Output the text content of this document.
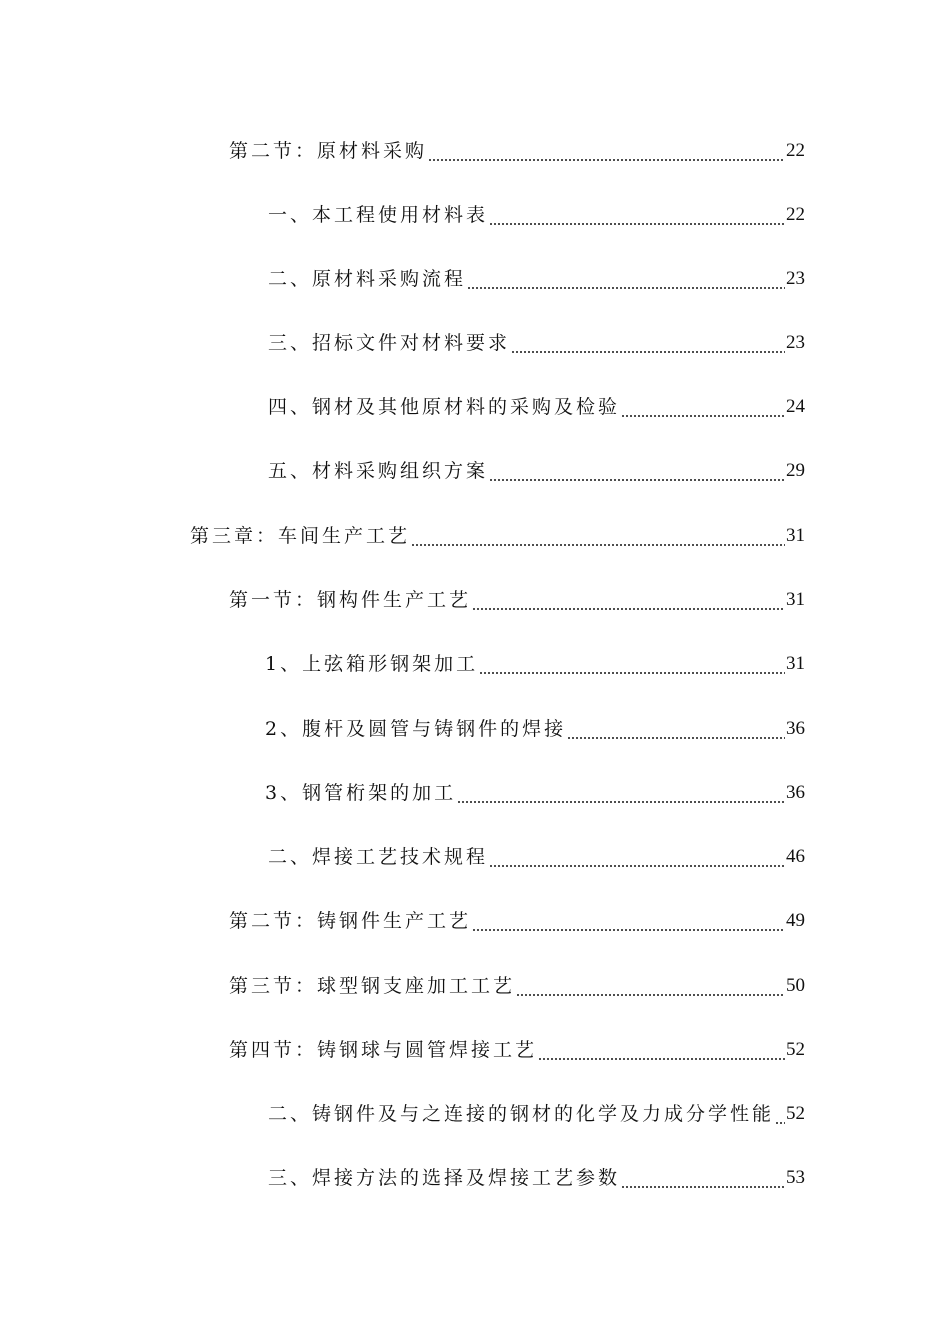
第二节：原材料采购	22
一、本工程使用材料表	22
二、原材料采购流程	23
三、招标文件对材料要求	23
四、钢材及其他原材料的采购及检验	24
五、材料采购组织方案	29
第三章：车间生产工艺	31
第一节：钢构件生产工艺	31
1、上弦箱形钢架加工	31
2、腹杆及圆管与铸钢件的焊接	36
3、钢管桁架的加工	36
二、焊接工艺技术规程	46
第二节：铸钢件生产工艺	49
第三节：球型钢支座加工工艺	50
第四节：铸钢球与圆管焊接工艺	52
二、铸钢件及与之连接的钢材的化学及力成分学性能 52
三、焊接方法的选择及焊接工艺参数	53
